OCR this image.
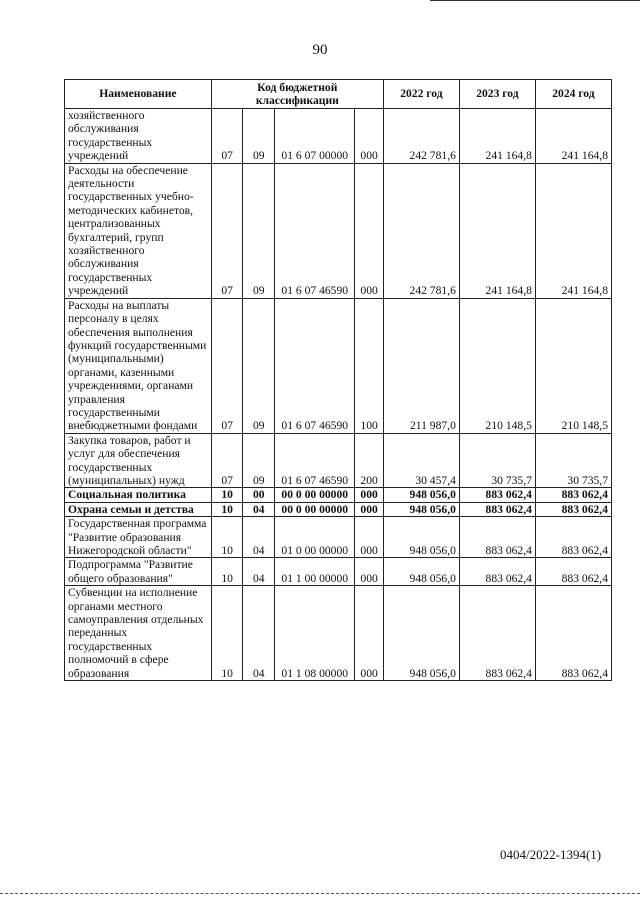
90
Наименование	Код бюджетной классификации				2022 год	2023 год	2024 год
хозяйственного обслуживания государственных учреждений	07	09	01 6 07 00000	000	242 781,6	241 164,8	241 164,8
Расходы на обеспечение деятельности государственных учебно-методических кабинетов, централизованных бухгалтерий, групп хозяйственного обслуживания государственных учреждений	07	09	01 6 07 46590	000	242 781,6	241 164,8	241 164,8
Расходы на выплаты персоналу в целях обеспечения выполнения функций государственными (муниципальными) органами, казенными учреждениями, органами управления государственными внебюджетными фондами	07	09	01 6 07 46590	100	211 987,0	210 148,5	210 148,5
Закупка товаров, работ и услуг для обеспечения государственных (муниципальных) нужд	07	09	01 6 07 46590	200	30 457,4	30 735,7	30 735,7
Социальная политика	10	00	00 0 00 00000	000	948 056,0	883 062,4	883 062,4
Охрана семьи и детства	10	04	00 0 00 00000	000	948 056,0	883 062,4	883 062,4
Государственная программа "Развитие образования Нижегородской области"	10	04	01 0 00 00000	000	948 056,0	883 062,4	883 062,4
Подпрограмма "Развитие общего образования"	10	04	01 1 00 00000	000	948 056,0	883 062,4	883 062,4
Субвенции на исполнение органами местного самоуправления отдельных переданных государственных полномочий в сфере образования	10	04	01 1 08 00000	000	948 056,0	883 062,4	883 062,4
0404/2022-1394(1)
